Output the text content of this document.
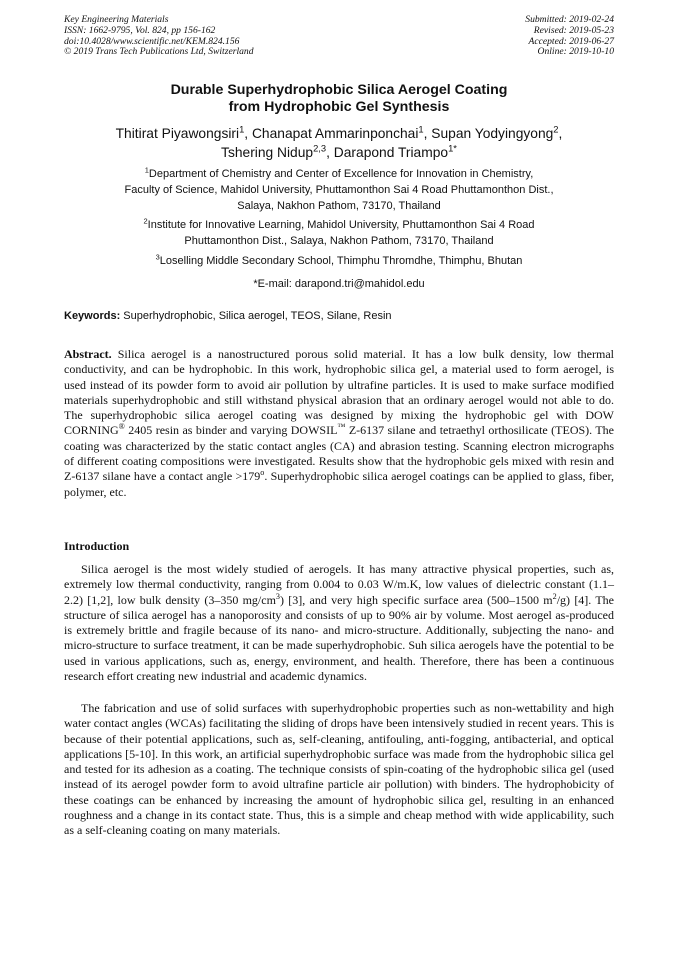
Key Engineering Materials
ISSN: 1662-9795, Vol. 824, pp 156-162
doi:10.4028/www.scientific.net/KEM.824.156
© 2019 Trans Tech Publications Ltd, Switzerland
Submitted: 2019-02-24
Revised: 2019-05-23
Accepted: 2019-06-27
Online: 2019-10-10
Durable Superhydrophobic Silica Aerogel Coating
from Hydrophobic Gel Synthesis
Thitirat Piyawongsiri$^1$, Chanapat Ammarinponchai$^1$, Supan Yodyingyong$^2$,
Tshering Nidup$^{2,3}$, Darapond Triampo$^{1*}$
$^1$Department of Chemistry and Center of Excellence for Innovation in Chemistry,
Faculty of Science, Mahidol University, Phuttamonthon Sai 4 Road Phuttamonthon Dist.,
Salaya, Nakhon Pathom, 73170, Thailand
$^2$Institute for Innovative Learning, Mahidol University, Phuttamonthon Sai 4 Road
Phuttamonthon Dist., Salaya, Nakhon Pathom, 73170, Thailand
$^3$Loselling Middle Secondary School, Thimphu Thromdhe, Thimphu, Bhutan
*E-mail: darapond.tri@mahidol.edu
Keywords: Superhydrophobic, Silica aerogel, TEOS, Silane, Resin
Abstract. Silica aerogel is a nanostructured porous solid material. It has a low bulk density, low thermal conductivity, and can be hydrophobic. In this work, hydrophobic silica gel, a material used to form aerogel, is used instead of its powder form to avoid air pollution by ultrafine particles. It is used to make surface modified materials superhydrophobic and still withstand physical abrasion that an ordinary aerogel would not able to do. The superhydrophobic silica aerogel coating was designed by mixing the hydrophobic gel with DOW CORNING® 2405 resin as binder and varying DOWSIL™ Z-6137 silane and tetraethyl orthosilicate (TEOS). The coating was characterized by the static contact angles (CA) and abrasion testing. Scanning electron micrographs of different coating compositions were investigated. Results show that the hydrophobic gels mixed with resin and Z-6137 silane have a contact angle $>179^o$. Superhydrophobic silica aerogel coatings can be applied to glass, fiber, polymer, etc.
Introduction
Silica aerogel is the most widely studied of aerogels. It has many attractive physical properties, such as, extremely low thermal conductivity, ranging from 0.004 to 0.03 W/m.K, low values of dielectric constant (1.1–2.2) [1,2], low bulk density (3–350 $mg/cm^3$) [3], and very high specific surface area (500–1500 $m^2/g$) [4]. The structure of silica aerogel has a nanoporosity and consists of up to 90% air by volume. Most aerogel as-produced is extremely brittle and fragile because of its nano- and micro-structure. Additionally, subjecting the nano- and micro-structure to surface treatment, it can be made superhydrophobic. Suh silica aerogels have the potential to be used in various applications, such as, energy, environment, and health. Therefore, there has been a continuous research effort creating new industrial and academic dynamics.
The fabrication and use of solid surfaces with superhydrophobic properties such as non-wettability and high water contact angles (WCAs) facilitating the sliding of drops have been intensively studied in recent years. This is because of their potential applications, such as, self-cleaning, antifouling, anti-fogging, antibacterial, and optical applications [5-10]. In this work, an artificial superhydrophobic surface was made from the hydrophobic silica gel and tested for its adhesion as a coating. The technique consists of spin-coating of the hydrophobic silica gel (used instead of its aerogel powder form to avoid ultrafine particle air pollution) with binders. The hydrophobicity of these coatings can be enhanced by increasing the amount of hydrophobic silica gel, resulting in an enhanced roughness and a change in its contact state. Thus, this is a simple and cheap method with wide applicability, such as a self-cleaning coating on many materials.
